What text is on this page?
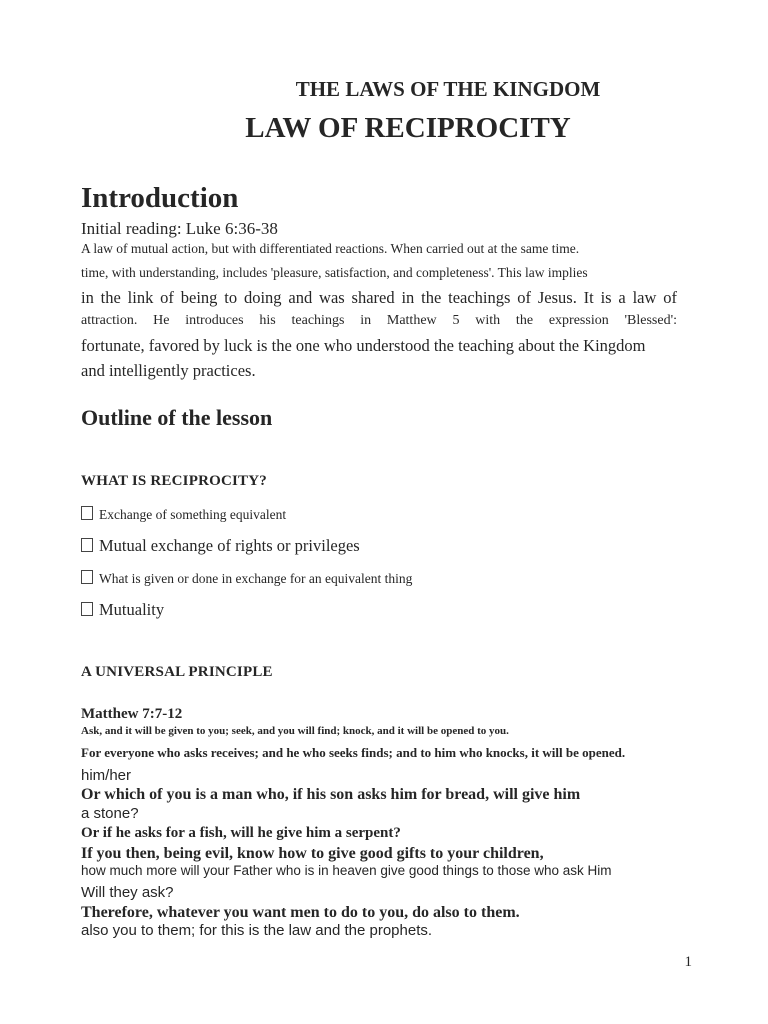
THE LAWS OF THE KINGDOM
LAW OF RECIPROCITY
Introduction

Initial reading: Luke 6:36-38

A law of mutual action, but with differentiated reactions. When carried out at the same time.

time, with understanding, includes 'pleasure, satisfaction, and completeness'. This law implies

in the link of being to doing and was shared in the teachings of Jesus. It is a law of

attraction. He introduces his teachings in Matthew 5 with the expression 'Blessed':

fortunate, favored by luck is the one who understood the teaching about the Kingdom

and intelligently practices.

Outline of the lesson
WHAT IS RECIPROCITY?

Exchange of something equivalent

Mutual exchange of rights or privileges

What is given or done in exchange for an equivalent thing

Mutuality

A UNIVERSAL PRINCIPLE

Matthew 7:7-12

Ask, and it will be given to you; seek, and you will find; knock, and it will be opened to you.

For everyone who asks receives; and he who seeks finds; and to him who knocks, it will be opened.

him/her

Or which of you is a man who, if his son asks him for bread, will give him

a stone?

Or if he asks for a fish, will he give him a serpent?

If you then, being evil, know how to give good gifts to your children,

how much more will your Father who is in heaven give good things to those who ask Him

Will they ask?

Therefore, whatever you want men to do to you, do also to them.

also you to them; for this is the law and the prophets.

1
